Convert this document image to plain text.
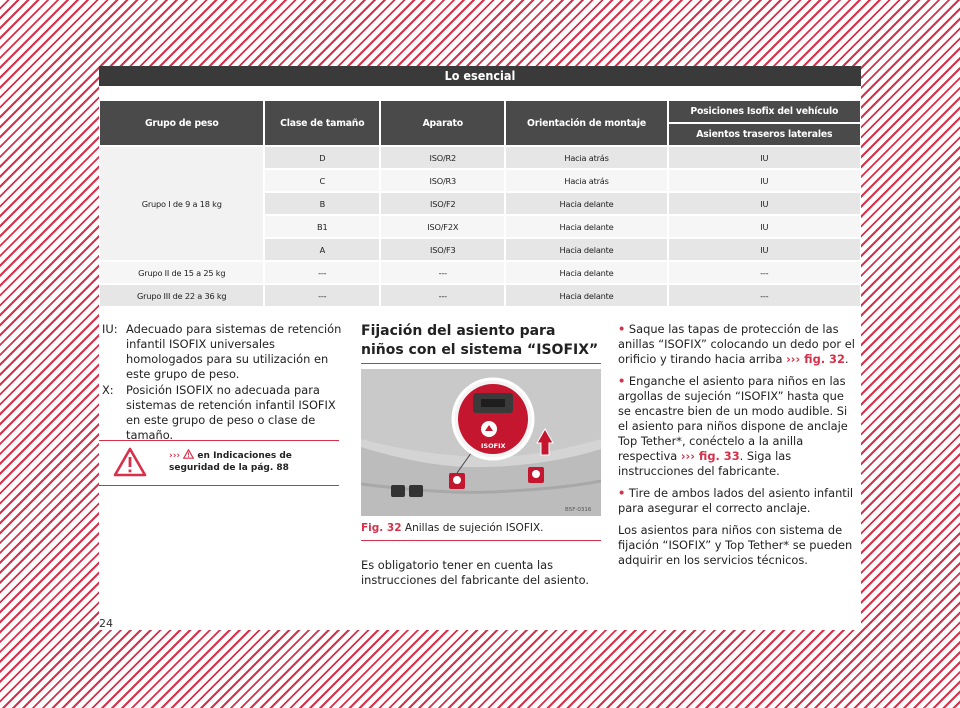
Lo esencial
Grupo de peso	Clase de tamaño	Aparato	Orientación de montaje	Posiciones Isofix del vehículo
				Asientos traseros laterales
Grupo I de 9 a 18 kg	D	ISO/R2	Hacia atrás	IU
	C	ISO/R3	Hacia atrás	IU
	B	ISO/F2	Hacia delante	IU
	B1	ISO/F2X	Hacia delante	IU
	A	ISO/F3	Hacia delante	IU
Grupo II de 15 a 25 kg	---	---	Hacia delante	---
Grupo III de 22 a 36 kg	---	---	Hacia delante	---
IU: Adecuado para sistemas de retención infantil ISOFIX universales homologados para su utilización en este grupo de peso.
X: Posición ISOFIX no adecuada para sistemas de retención infantil ISOFIX en este grupo de peso o clase de tamaño.
›››  en Indicaciones de seguridad de la pág. 88
Fijación del asiento para niños con el sistema “ISOFIX”
ISOFIX
B5F-0316
Fig. 32 Anillas de sujeción ISOFIX.
Es obligatorio tener en cuenta las instrucciones del fabricante del asiento.

• Saque las tapas de protección de las anillas “ISOFIX” colocando un dedo por el orificio y tirando hacia arriba ››› fig. 32.

• Enganche el asiento para niños en las argollas de sujeción “ISOFIX” hasta que se encastre bien de un modo audible. Si el asiento para niños dispone de anclaje Top Tether*, conéctelo a la anilla respectiva ››› fig. 33. Siga las instrucciones del fabricante.

• Tire de ambos lados del asiento infantil para asegurar el correcto anclaje.

Los asientos para niños con sistema de fijación “ISOFIX” y Top Tether* se pueden adquirir en los servicios técnicos.

24
